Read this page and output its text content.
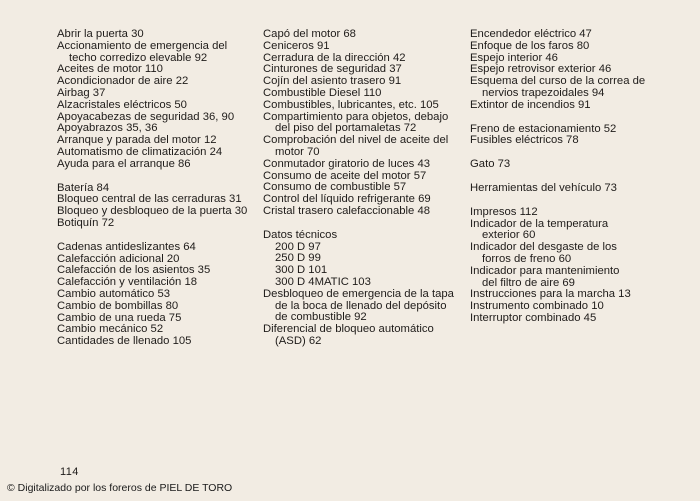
Abrir la puerta 30
Accionamiento de emergencia del
techo corredizo elevable 92
Aceites de motor 110
Acondicionador de aire 22
Airbag 37
Alzacristales eléctricos 50
Apoyacabezas de seguridad 36, 90
Apoyabrazos 35, 36
Arranque y parada del motor 12
Automatismo de climatización 24
Ayuda para el arranque 86
Batería 84
Bloqueo central de las cerraduras 31
Bloqueo y desbloqueo de la puerta 30
Botiquín 72
Cadenas antideslizantes 64
Calefacción adicional 20
Calefacción de los asientos 35
Calefacción y ventilación 18
Cambio automático 53
Cambio de bombillas 80
Cambio de una rueda 75
Cambio mecánico 52
Cantidades de llenado 105
Capó del motor 68
Ceniceros 91
Cerradura de la dirección 42
Cinturones de seguridad 37
Cojín del asiento trasero 91
Combustible Diesel 110
Combustibles, lubricantes, etc. 105
Compartimiento para objetos, debajo
del piso del portamaletas 72
Comprobación del nivel de aceite del
motor 70
Conmutador giratorio de luces 43
Consumo de aceite del motor 57
Consumo de combustible 57
Control del líquido refrigerante 69
Cristal trasero calefaccionable 48
Datos técnicos
200 D 97
250 D 99
300 D 101
300 D 4MATIC 103
Desbloqueo de emergencia de la tapa
de la boca de llenado del depósito
de combustible 92
Diferencial de bloqueo automático
(ASD) 62
Encendedor eléctrico 47
Enfoque de los faros 80
Espejo interior 46
Espejo retrovisor exterior 46
Esquema del curso de la correa de
nervios trapezoidales 94
Extintor de incendios 91
Freno de estacionamiento 52
Fusibles eléctricos 78
Gato 73
Herramientas del vehículo 73
Impresos 112
Indicador de la temperatura
exterior 60
Indicador del desgaste de los
forros de freno 60
Indicador para mantenimiento
del filtro de aire 69
Instrucciones para la marcha 13
Instrumento combinado 10
Interruptor combinado 45
114
© Digitalizado por los foreros de PIEL DE TORO
